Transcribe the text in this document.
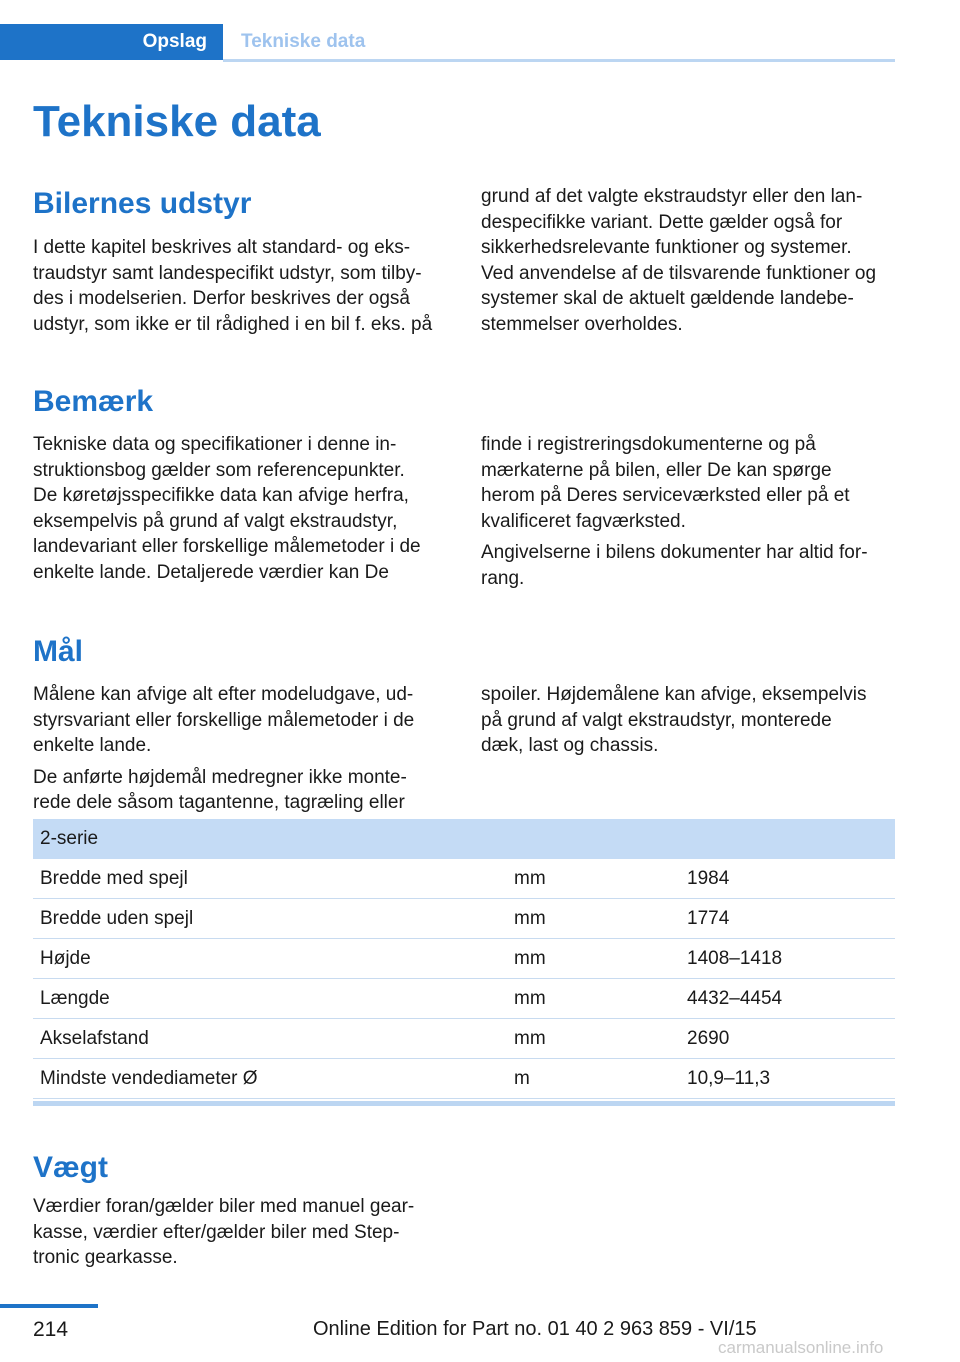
Opslag	Tekniske data
Tekniske data
Bilernes udstyr
I dette kapitel beskrives alt standard- og eks-
traudstyr samt landespecifikt udstyr, som tilby-
des i modelserien. Derfor beskrives der også
udstyr, som ikke er til rådighed i en bil f. eks. på
grund af det valgte ekstraudstyr eller den lan-
despecifikke variant. Dette gælder også for
sikkerhedsrelevante funktioner og systemer.
Ved anvendelse af de tilsvarende funktioner og
systemer skal de aktuelt gældende landebe-
stemmelser overholdes.
Bemærk
Tekniske data og specifikationer i denne in-
struktionsbog gælder som referencepunkter.
De køretøjsspecifikke data kan afvige herfra,
eksempelvis på grund af valgt ekstraudstyr,
landevariant eller forskellige målemetoder i de
enkelte lande. Detaljerede værdier kan De
finde i registreringsdokumenterne og på
mærkaterne på bilen, eller De kan spørge
herom på Deres serviceværksted eller på et
kvalificeret fagværksted.
Angivelserne i bilens dokumenter har altid for-
rang.
Mål
Målene kan afvige alt efter modeludgave, ud-
styrsvariant eller forskellige målemetoder i de
enkelte lande.
De anførte højdemål medregner ikke monte-
rede dele såsom tagantenne, tagræling eller
spoiler. Højdemålene kan afvige, eksempelvis
på grund af valgt ekstraudstyr, monterede
dæk, last og chassis.
2-serie
Bredde med spejl	mm	1984
Bredde uden spejl	mm	1774
Højde	mm	1408–1418
Længde	mm	4432–4454
Akselafstand	mm	2690
Mindste vendediameter Ø	m	10,9–11,3
Vægt
Værdier foran/gælder biler med manuel gear-
kasse, værdier efter/gælder biler med Step-
tronic gearkasse.
214	Online Edition for Part no. 01 40 2 963 859 - VI/15
carmanualsonline.info
